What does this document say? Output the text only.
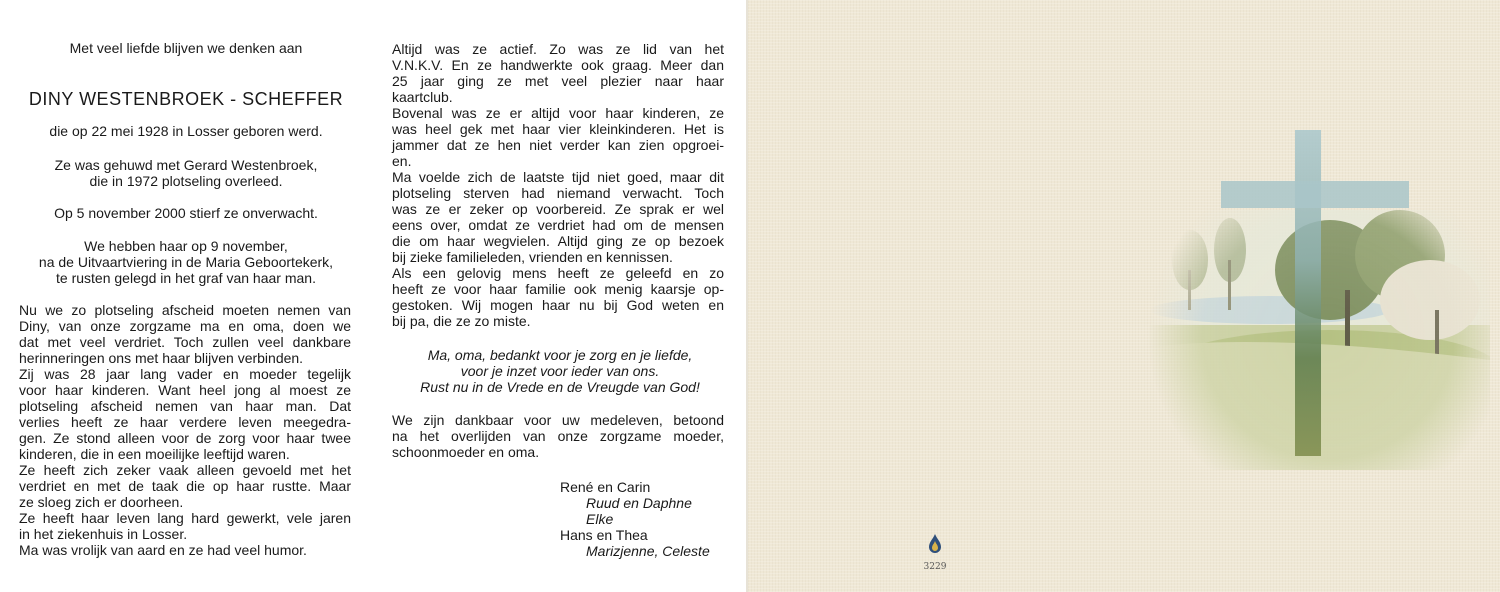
Met veel liefde blijven we denken aan
DINY WESTENBROEK - SCHEFFER
die op 22 mei 1928 in Losser geboren werd.
Ze was gehuwd met Gerard Westenbroek,
die in 1972 plotseling overleed.
Op 5 november 2000 stierf ze onverwacht.
We hebben haar op 9 november,
na de Uitvaartviering in de Maria Geboortekerk,
te rusten gelegd in het graf van haar man.
Nu we zo plotseling afscheid moeten nemen van
Diny, van onze zorgzame ma en oma, doen we
dat met veel verdriet. Toch zullen veel dankbare
herinneringen ons met haar blijven verbinden.
Zij was 28 jaar lang vader en moeder tegelijk
voor haar kinderen. Want heel jong al moest ze
plotseling afscheid nemen van haar man. Dat
verlies heeft ze haar verdere leven meegedra-
gen. Ze stond alleen voor de zorg voor haar twee
kinderen, die in een moeilijke leeftijd waren.
Ze heeft zich zeker vaak alleen gevoeld met het
verdriet en met de taak die op haar rustte. Maar
ze sloeg zich er doorheen.
Ze heeft haar leven lang hard gewerkt, vele jaren
in het ziekenhuis in Losser.
Ma was vrolijk van aard en ze had veel humor.
Altijd was ze actief. Zo was ze lid van het
V.N.K.V. En ze handwerkte ook graag. Meer dan
25 jaar ging ze met veel plezier naar haar
kaartclub.
Bovenal was ze er altijd voor haar kinderen, ze
was heel gek met haar vier kleinkinderen. Het is
jammer dat ze hen niet verder kan zien opgroei-
en.
Ma voelde zich de laatste tijd niet goed, maar dit
plotseling sterven had niemand verwacht. Toch
was ze er zeker op voorbereid. Ze sprak er wel
eens over, omdat ze verdriet had om de mensen
die om haar wegvielen. Altijd ging ze op bezoek
bij zieke familieleden, vrienden en kennissen.
Als een gelovig mens heeft ze geleefd en zo
heeft ze voor haar familie ook menig kaarsje op-
gestoken. Wij mogen haar nu bij God weten en
bij pa, die ze zo miste.
Ma, oma, bedankt voor je zorg en je liefde,
voor je inzet voor ieder van ons.
Rust nu in de Vrede en de Vreugde van God!
We zijn dankbaar voor uw medeleven, betoond
na het overlijden van onze zorgzame moeder,
schoonmoeder en oma.
René en Carin
Ruud en Daphne
Elke
Hans en Thea
Marizjenne, Celeste
3229
